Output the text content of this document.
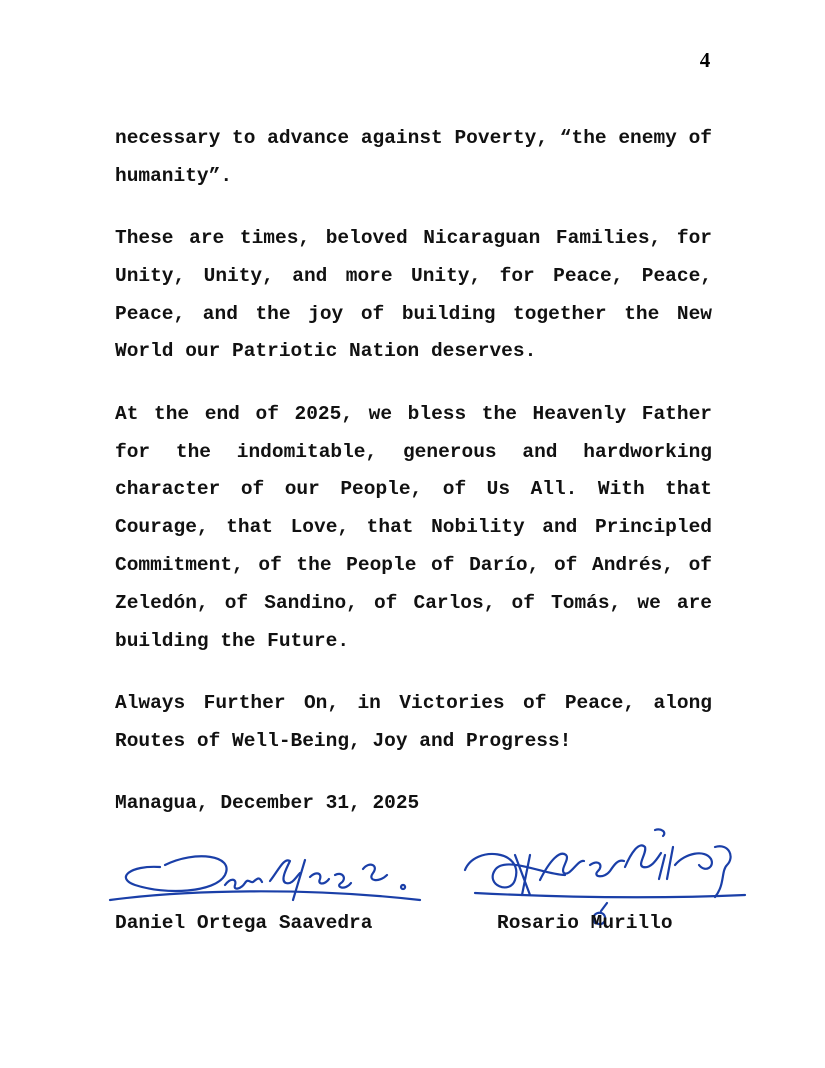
4

necessary to advance against Poverty, “the enemy of humanity”.

These are times, beloved Nicaraguan Families, for Unity, Unity, and more Unity, for Peace, Peace, Peace, and the joy of building together the New World our Patriotic Nation deserves.

At the end of 2025, we bless the Heavenly Father for the indomitable, generous and hardworking character of our People, of Us All. With that Courage, that Love, that Nobility and Principled Commitment, of the People of Darío, of Andrés, of Zeledón, of Sandino, of Carlos, of Tomás, we are building the Future.

Always Further On, in Victories of Peace, along Routes of Well-Being, Joy and Progress!

Managua, December 31, 2025

Daniel Ortega Saavedra	Rosario Murillo
